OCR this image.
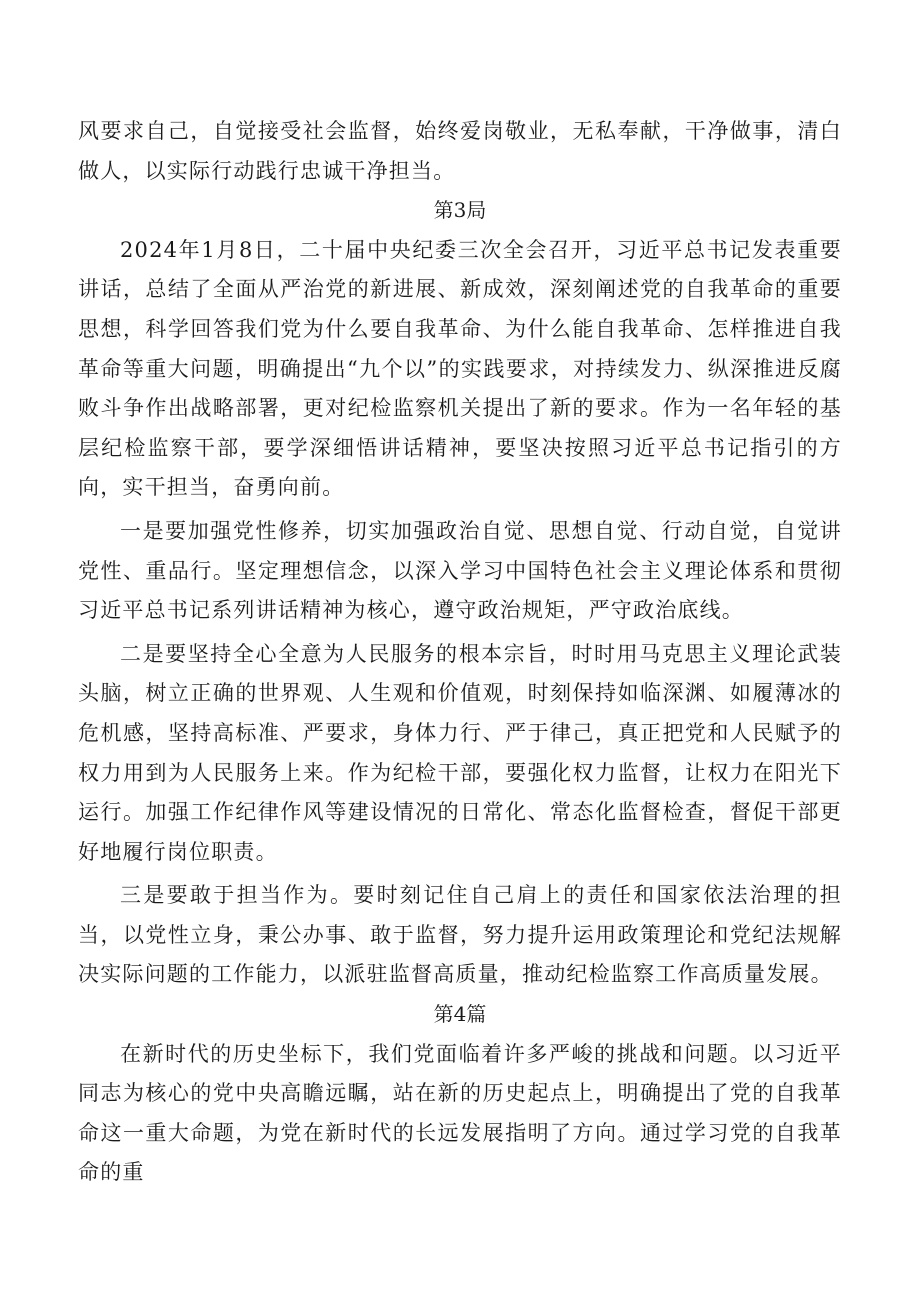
风要求自己，自觉接受社会监督，始终爱岗敬业，无私奉献，干净做事，清白做人，以实际行动践行忠诚干净担当。

第3局

2024年1月8日，二十届中央纪委三次全会召开，习近平总书记发表重要讲话，总结了全面从严治党的新进展、新成效，深刻阐述党的自我革命的重要思想，科学回答我们党为什么要自我革命、为什么能自我革命、怎样推进自我革命等重大问题，明确提出“九个以”的实践要求，对持续发力、纵深推进反腐败斗争作出战略部署，更对纪检监察机关提出了新的要求。作为一名年轻的基层纪检监察干部，要学深细悟讲话精神，要坚决按照习近平总书记指引的方向，实干担当，奋勇向前。

一是要加强党性修养，切实加强政治自觉、思想自觉、行动自觉，自觉讲党性、重品行。坚定理想信念，以深入学习中国特色社会主义理论体系和贯彻习近平总书记系列讲话精神为核心，遵守政治规矩，严守政治底线。

二是要坚持全心全意为人民服务的根本宗旨，时时用马克思主义理论武装头脑，树立正确的世界观、人生观和价值观，时刻保持如临深渊、如履薄冰的危机感，坚持高标准、严要求，身体力行、严于律己，真正把党和人民赋予的权力用到为人民服务上来。作为纪检干部，要强化权力监督，让权力在阳光下运行。加强工作纪律作风等建设情况的日常化、常态化监督检查，督促干部更好地履行岗位职责。

三是要敢于担当作为。要时刻记住自己肩上的责任和国家依法治理的担当，以党性立身，秉公办事、敢于监督，努力提升运用政策理论和党纪法规解决实际问题的工作能力，以派驻监督高质量，推动纪检监察工作高质量发展。

第4篇

在新时代的历史坐标下，我们党面临着许多严峻的挑战和问题。以习近平同志为核心的党中央高瞻远瞩，站在新的历史起点上，明确提出了党的自我革命这一重大命题，为党在新时代的长远发展指明了方向。通过学习党的自我革命的重
